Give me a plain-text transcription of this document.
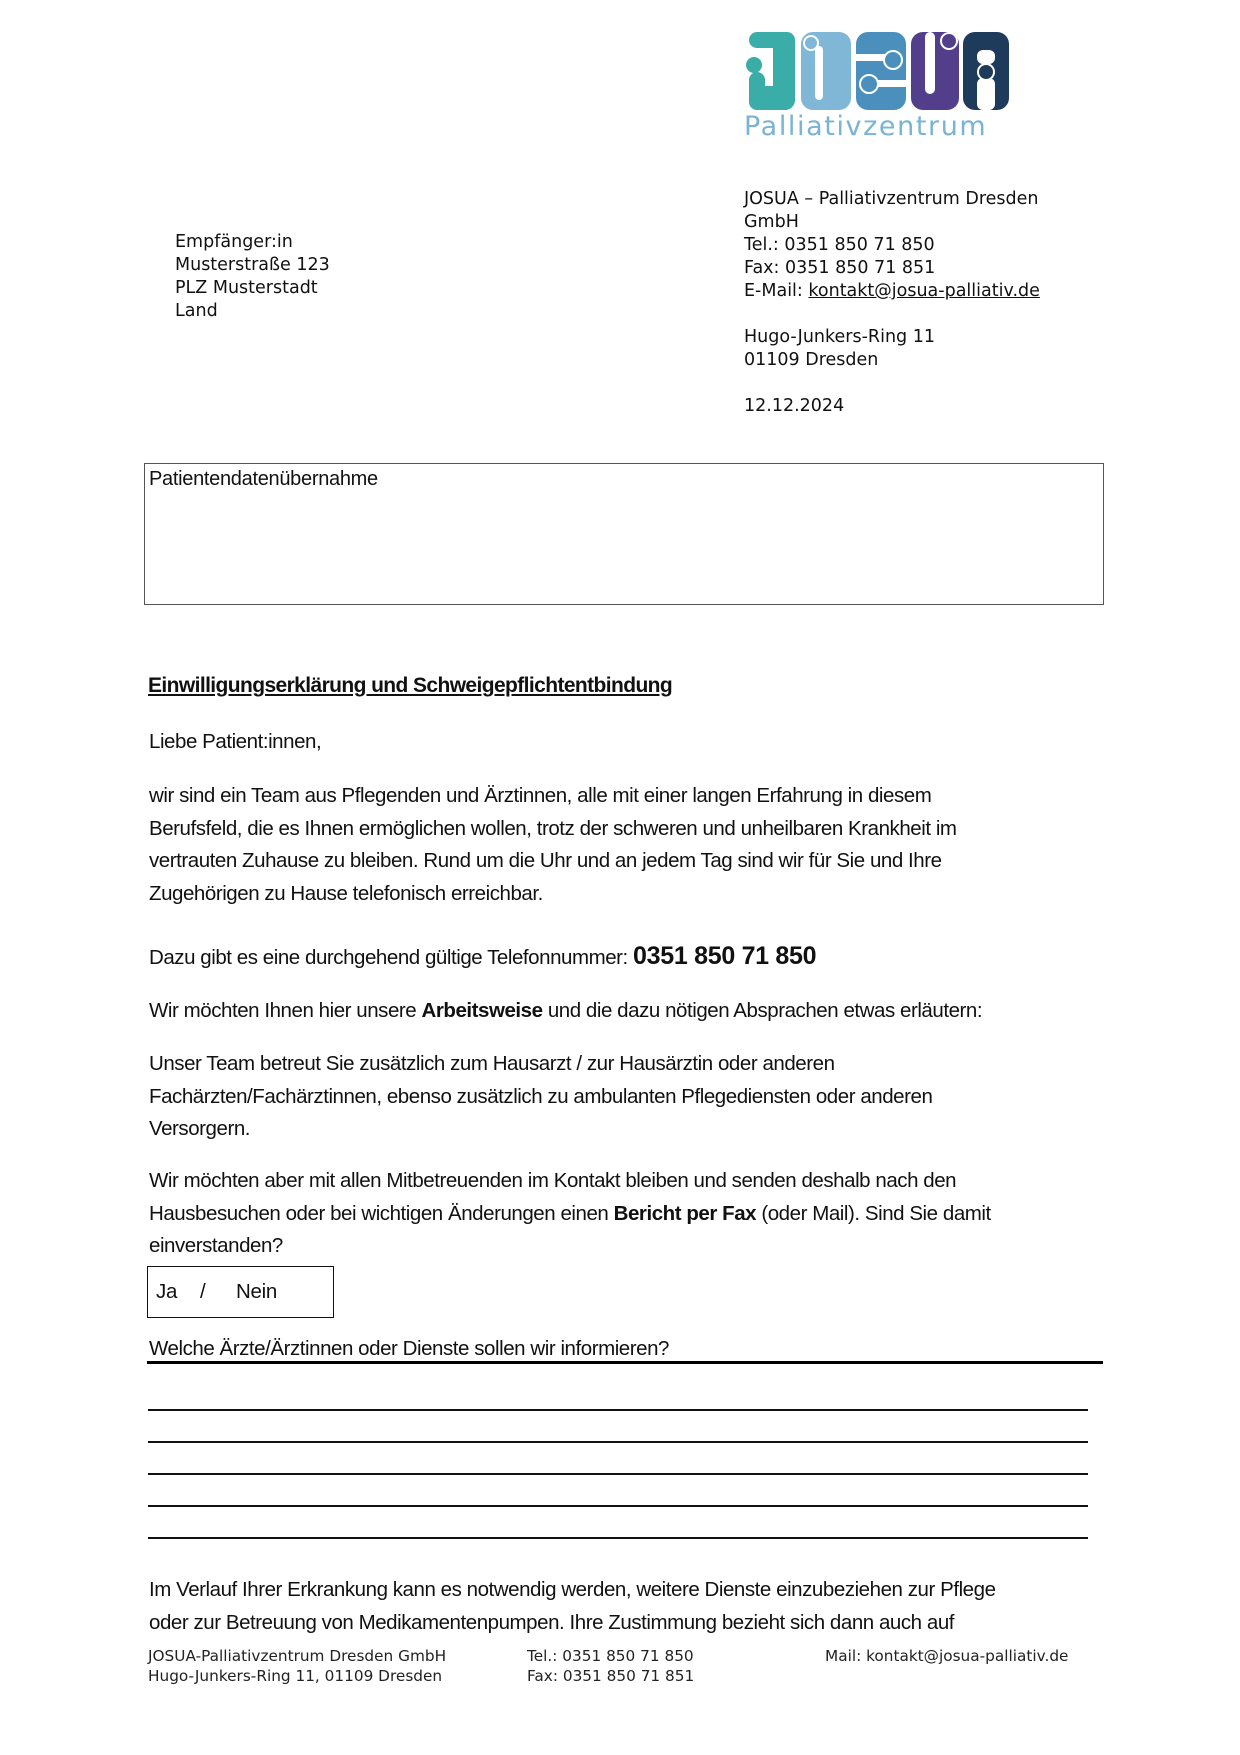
Palliativzentrum
Empfänger:in
Musterstraße 123
PLZ Musterstadt
Land
JOSUA – Palliativzentrum Dresden
GmbH
Tel.: 0351 850 71 850
Fax: 0351 850 71 851
E-Mail: kontakt@josua-palliativ.de
Hugo-Junkers-Ring 11
01109 Dresden
12.12.2024
Patientendatenübernahme
Einwilligungserklärung und Schweigepflichtentbindung
Liebe Patient:innen,
wir sind ein Team aus Pflegenden und Ärztinnen, alle mit einer langen Erfahrung in diesem
Berufsfeld, die es Ihnen ermöglichen wollen, trotz der schweren und unheilbaren Krankheit im
vertrauten Zuhause zu bleiben. Rund um die Uhr und an jedem Tag sind wir für Sie und Ihre
Zugehörigen zu Hause telefonisch erreichbar.
Dazu gibt es eine durchgehend gültige Telefonnummer: 0351 850 71 850
Wir möchten Ihnen hier unsere Arbeitsweise und die dazu nötigen Absprachen etwas erläutern:
Unser Team betreut Sie zusätzlich zum Hausarzt / zur Hausärztin oder anderen
Fachärzten/Fachärztinnen, ebenso zusätzlich zu ambulanten Pflegediensten oder anderen
Versorgern.
Wir möchten aber mit allen Mitbetreuenden im Kontakt bleiben und senden deshalb nach den
Hausbesuchen oder bei wichtigen Änderungen einen Bericht per Fax (oder Mail). Sind Sie damit
einverstanden?
Ja / Nein
Welche Ärzte/Ärztinnen oder Dienste sollen wir informieren?
Im Verlauf Ihrer Erkrankung kann es notwendig werden, weitere Dienste einzubeziehen zur Pflege
oder zur Betreuung von Medikamentenpumpen. Ihre Zustimmung bezieht sich dann auch auf
JOSUA-Palliativzentrum Dresden GmbH
Hugo-Junkers-Ring 11, 01109 Dresden
Tel.: 0351 850 71 850
Fax: 0351 850 71 851
Mail: kontakt@josua-palliativ.de
